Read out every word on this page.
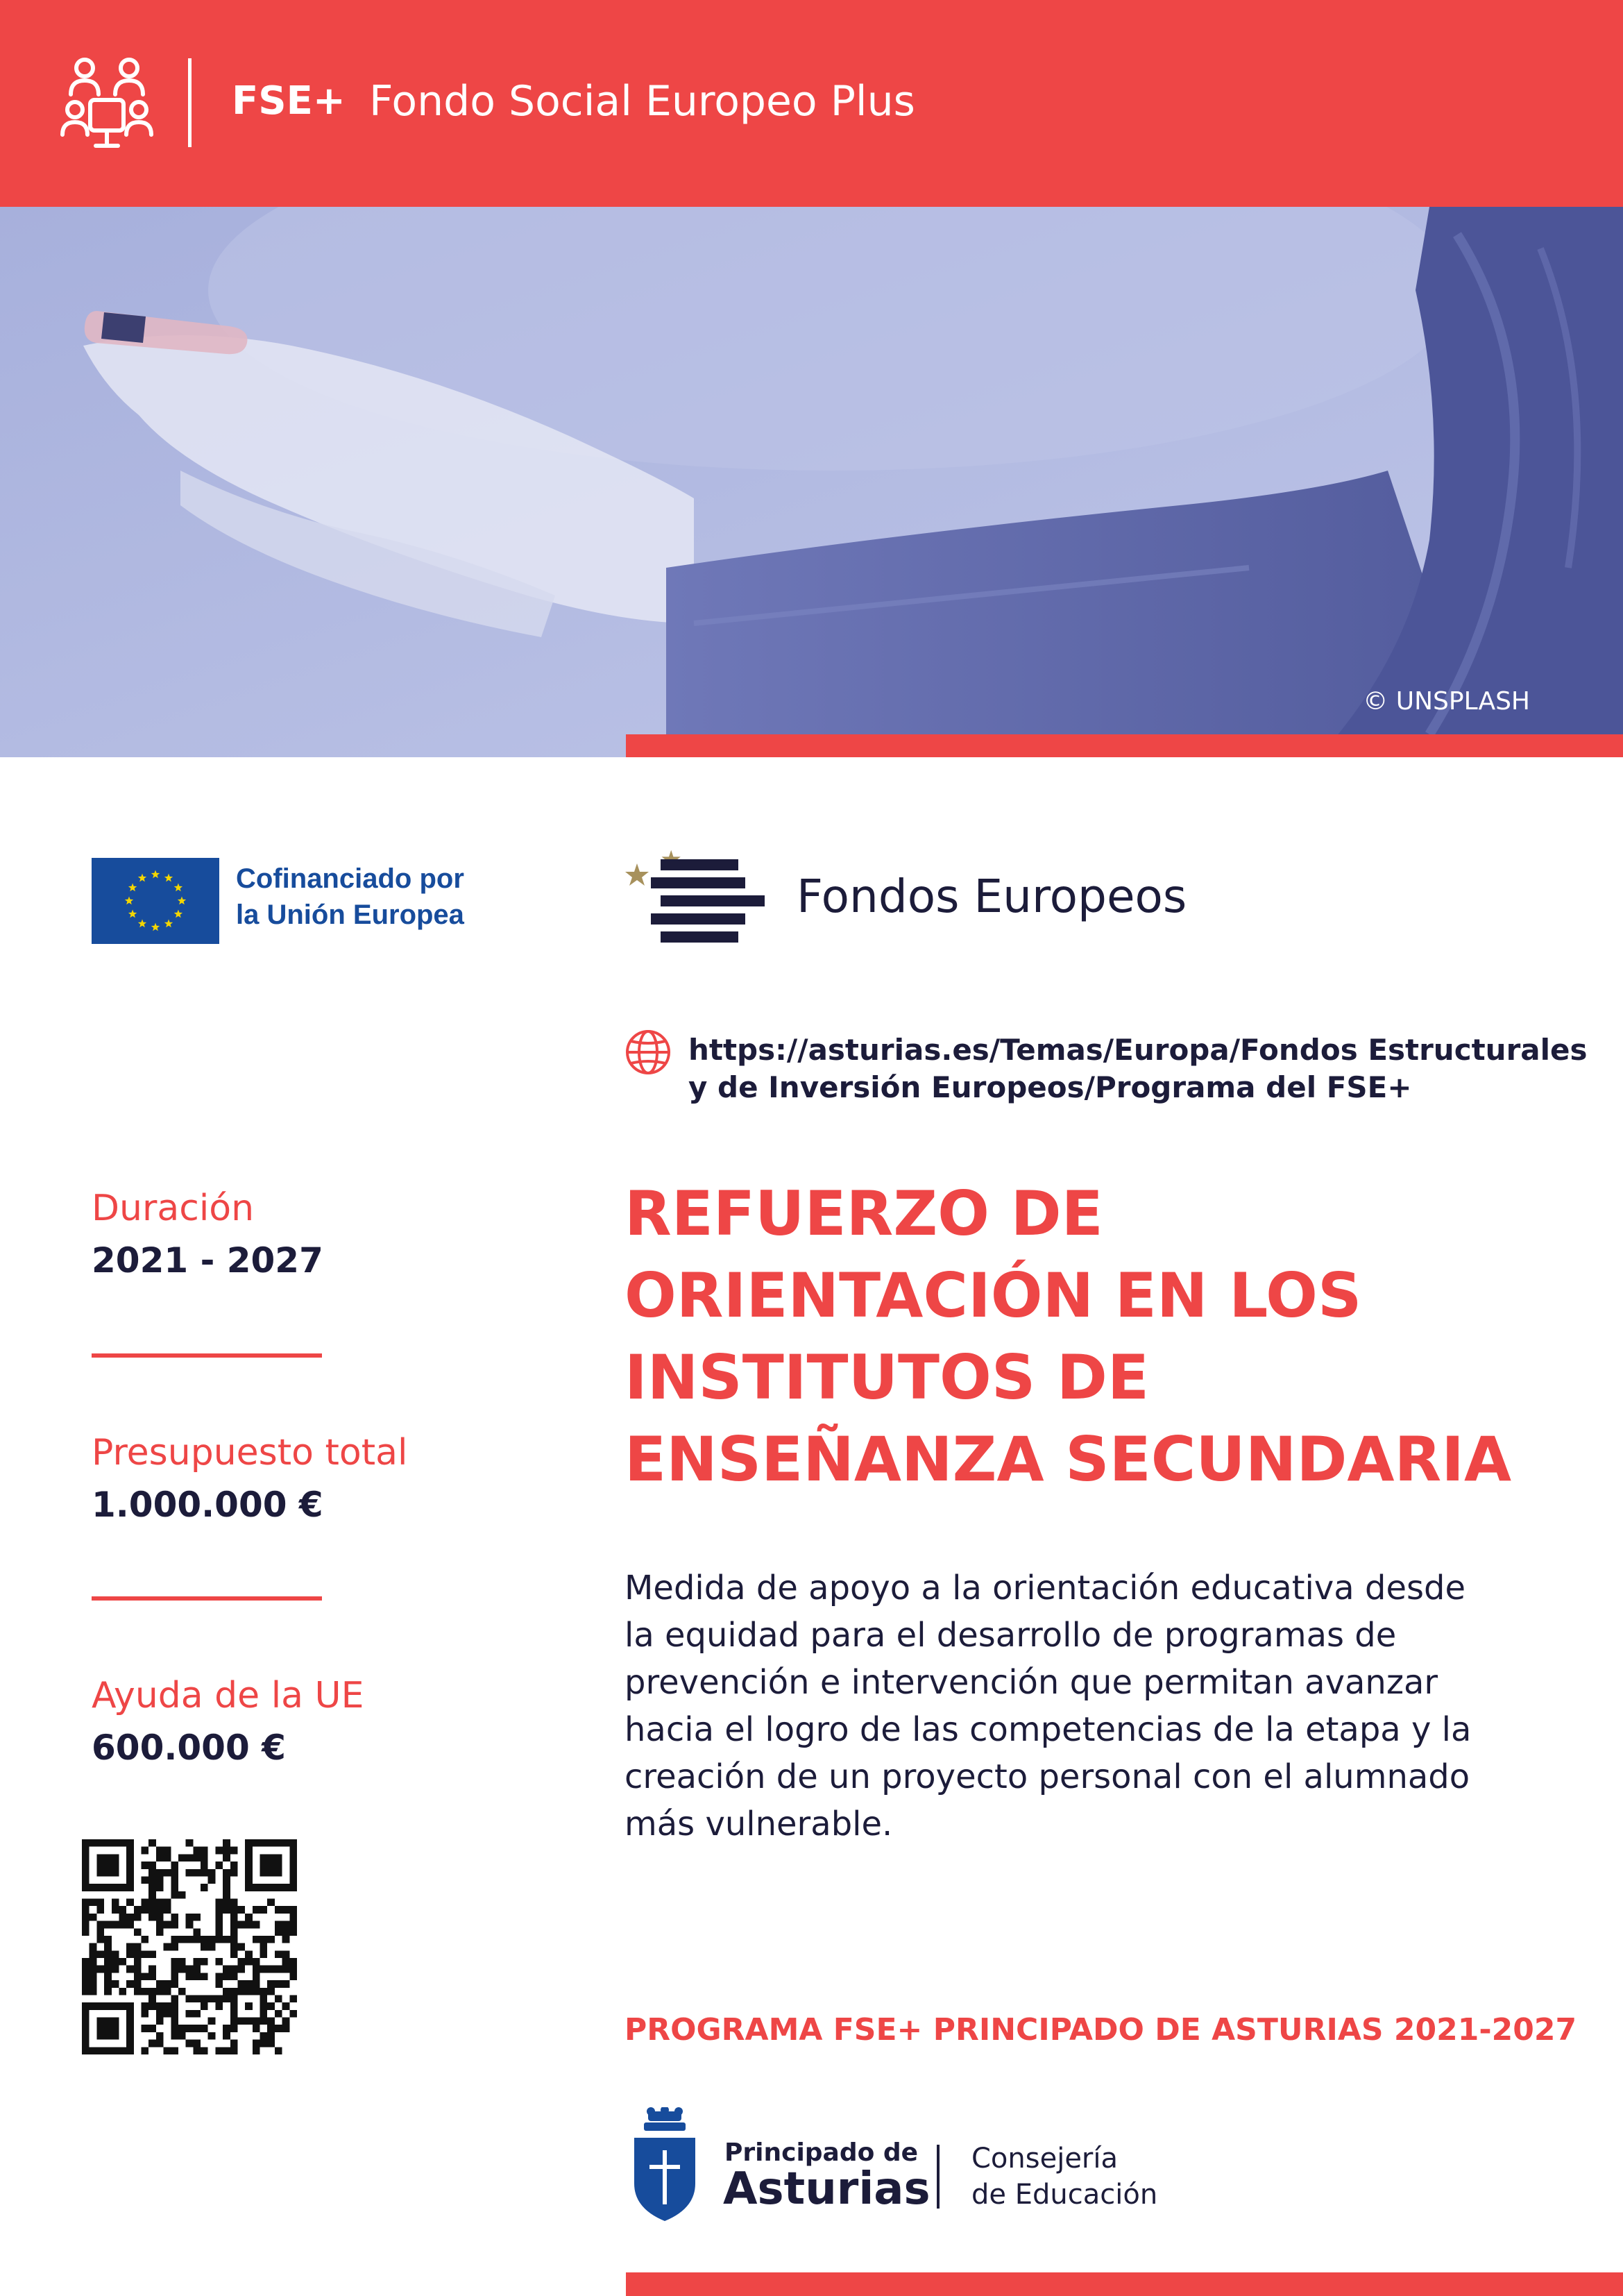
FSE+ Fondo Social Europeo Plus
© UNSPLASH
Cofinanciado por
la Unión Europea	Fondos Europeos
https://asturias.es/Temas/Europa/Fondos Estructurales
y de Inversión Europeos/Programa del FSE+
Duración
2021 - 2027
Presupuesto total
1.000.000 €
Ayuda de la UE
600.000 €
REFUERZO DE
ORIENTACIÓN EN LOS
INSTITUTOS DE
ENSEÑANZA SECUNDARIA
Medida de apoyo a la orientación educativa desde
la equidad para el desarrollo de programas de
prevención e intervención que permitan avanzar
hacia el logro de las competencias de la etapa y la
creación de un proyecto personal con el alumnado
más vulnerable.
PROGRAMA FSE+ PRINCIPADO DE ASTURIAS 2021-2027
Principado de
Asturias
Consejería
de Educación
